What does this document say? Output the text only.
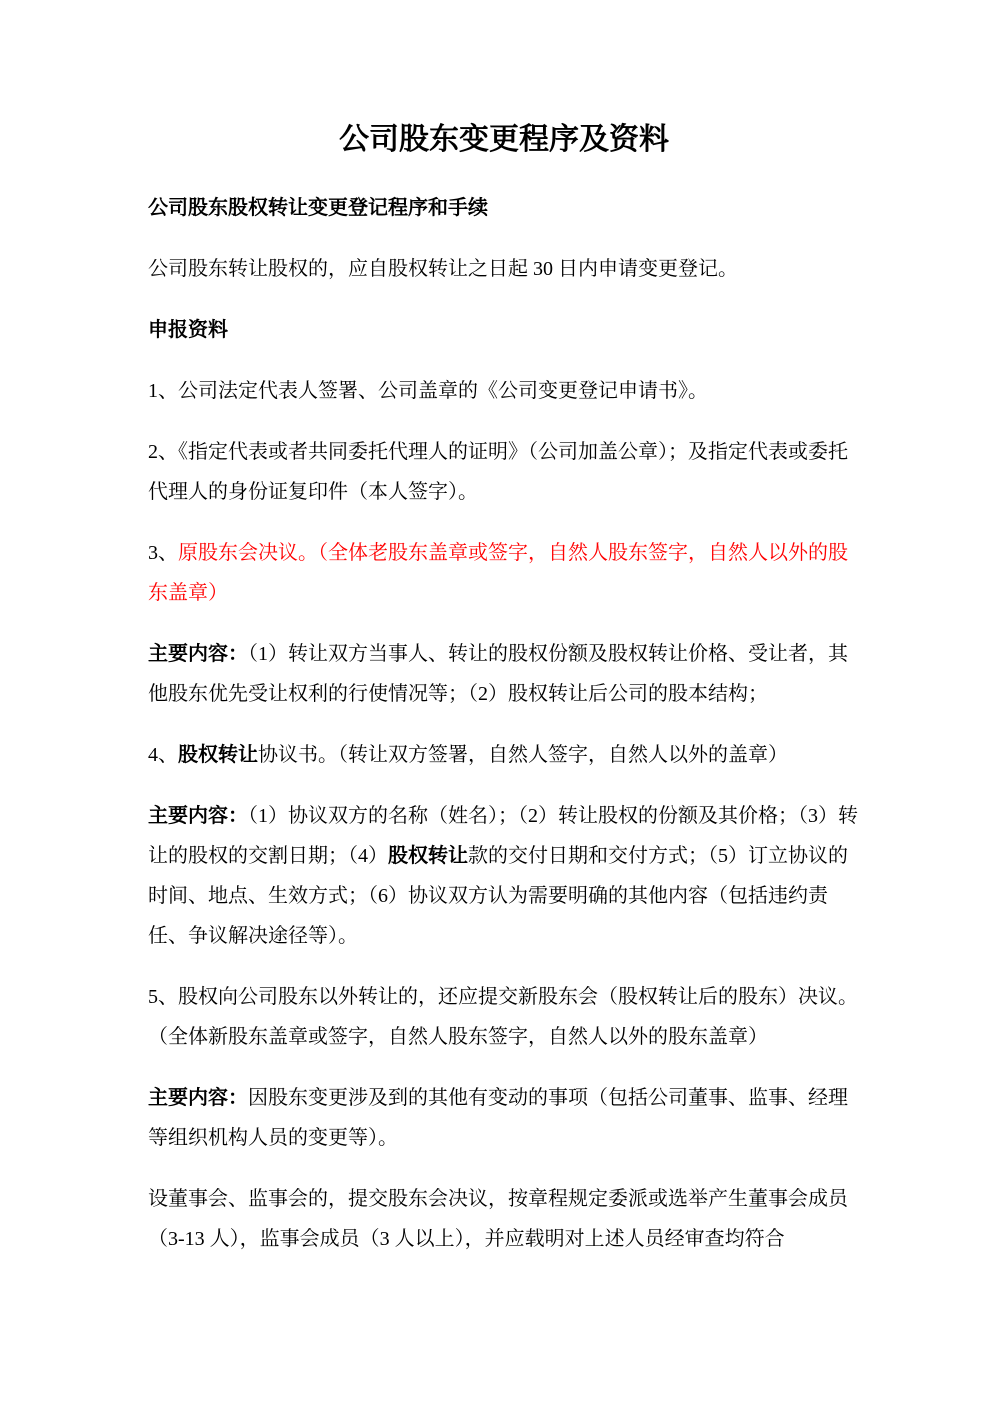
公司股东变更程序及资料

公司股东股权转让变更登记程序和手续

公司股东转让股权的，应自股权转让之日起 30 日内申请变更登记。

申报资料

1、公司法定代表人签署、公司盖章的《公司变更登记申请书》。

2、《指定代表或者共同委托代理人的证明》（公司加盖公章）；及指定代表或委托代理人的身份证复印件（本人签字）。

3、原股东会决议。（全体老股东盖章或签字，自然人股东签字，自然人以外的股东盖章）

主要内容：（1）转让双方当事人、转让的股权份额及股权转让价格、受让者，其他股东优先受让权利的行使情况等；（2）股权转让后公司的股本结构；

4、股权转让协议书。（转让双方签署，自然人签字，自然人以外的盖章）

主要内容：（1）协议双方的名称（姓名）；（2）转让股权的份额及其价格；（3）转让的股权的交割日期；（4）股权转让款的交付日期和交付方式；（5）订立协议的时间、地点、生效方式；（6）协议双方认为需要明确的其他内容（包括违约责任、争议解决途径等）。

5、股权向公司股东以外转让的，还应提交新股东会（股权转让后的股东）决议。（全体新股东盖章或签字，自然人股东签字，自然人以外的股东盖章）

主要内容：因股东变更涉及到的其他有变动的事项（包括公司董事、监事、经理等组织机构人员的变更等）。

设董事会、监事会的，提交股东会决议，按章程规定委派或选举产生董事会成员（3-13 人），监事会成员（3 人以上），并应载明对上述人员经审查均符合
